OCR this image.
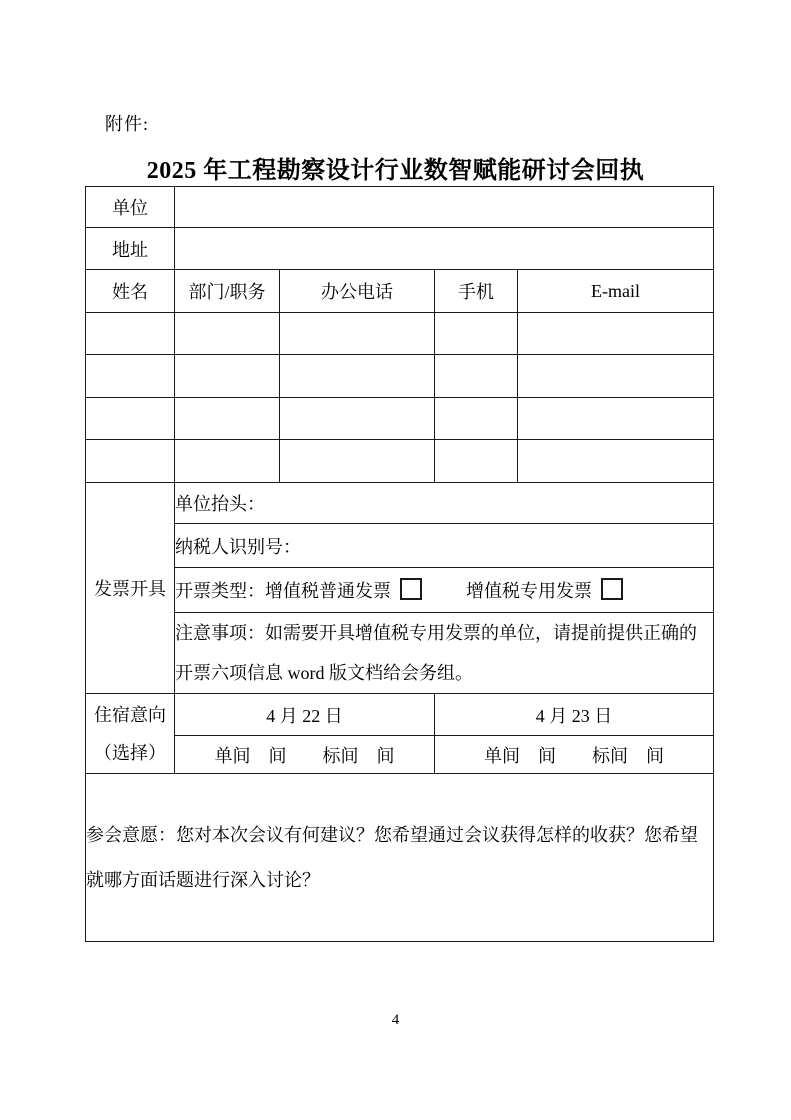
附件:
2025 年工程勘察设计行业数智赋能研讨会回执
单位				
地址				
姓名	部门/职务	办公电话	手机	E-mail

发票开具	单位抬头：			
	纳税人识别号：			
	开票类型：增值税普通发票 增值税专用发票			
	注意事项：如需要开具增值税专用发票的单位，请提前提供正确的开票六项信息 word 版文档给会务组。			

住宿意向
（选择）	4 月 22 日		4 月 23 日	
	单间　间　　标间　间		单间　间　　标间　间	
参会意愿：您对本次会议有何建议？您希望通过会议获得怎样的收获？您希望就哪方面话题进行深入讨论？				
4
